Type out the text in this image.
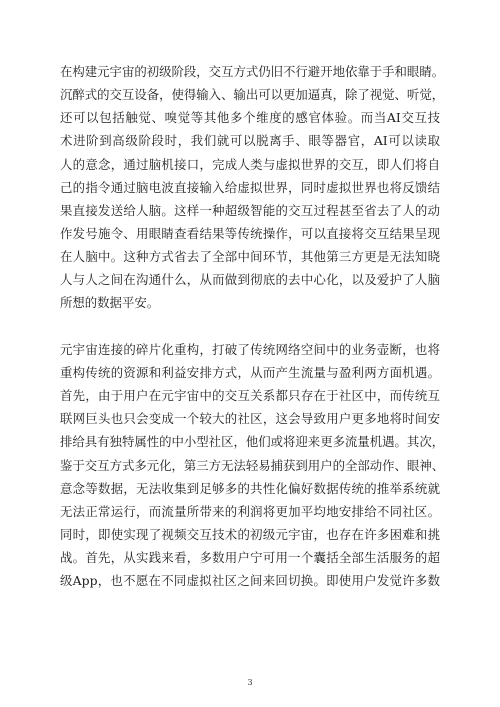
在构建元宇宙的初级阶段，交互方式仍旧不行避开地依靠于手和眼睛。
沉醉式的交互设备，使得输入、输出可以更加逼真，除了视觉、听觉，
还可以包括触觉、嗅觉等其他多个维度的感官体验。而当AI交互技
术进阶到高级阶段时，我们就可以脱离手、眼等器官，AI可以读取
人的意念，通过脑机接口，完成人类与虚拟世界的交互，即人们将自
己的指令通过脑电波直接输入给虚拟世界，同时虚拟世界也将反馈结
果直接发送给人脑。这样一种超级智能的交互过程甚至省去了人的动
作发号施令、用眼睛查看结果等传统操作，可以直接将交互结果呈现
在人脑中。这种方式省去了全部中间环节，其他第三方更是无法知晓
人与人之间在沟通什么，从而做到彻底的去中心化，以及爱护了人脑
所想的数据平安。
元宇宙连接的碎片化重构，打破了传统网络空间中的业务壶断，也将
重构传统的资源和利益安排方式，从而产生流量与盈利两方面机遇。
首先，由于用户在元宇宙中的交互关系都只存在于社区中，而传统互
联网巨头也只会变成一个较大的社区，这会导致用户更多地将时间安
排给具有独特属性的中小型社区，他们或将迎来更多流量机遇。其次，
鉴于交互方式多元化，第三方无法轻易捕获到用户的全部动作、眼神、
意念等数据，无法收集到足够多的共性化偏好数据传统的推举系统就
无法正常运行，而流量所带来的利润将更加平均地安排给不同社区。
同时，即使实现了视频交互技术的初级元宇宙，也存在许多困难和挑
战。首先，从实践来看，多数用户宁可用一个囊括全部生活服务的超
级App，也不愿在不同虚拟社区之间来回切换。即使用户发觉许多数
3
